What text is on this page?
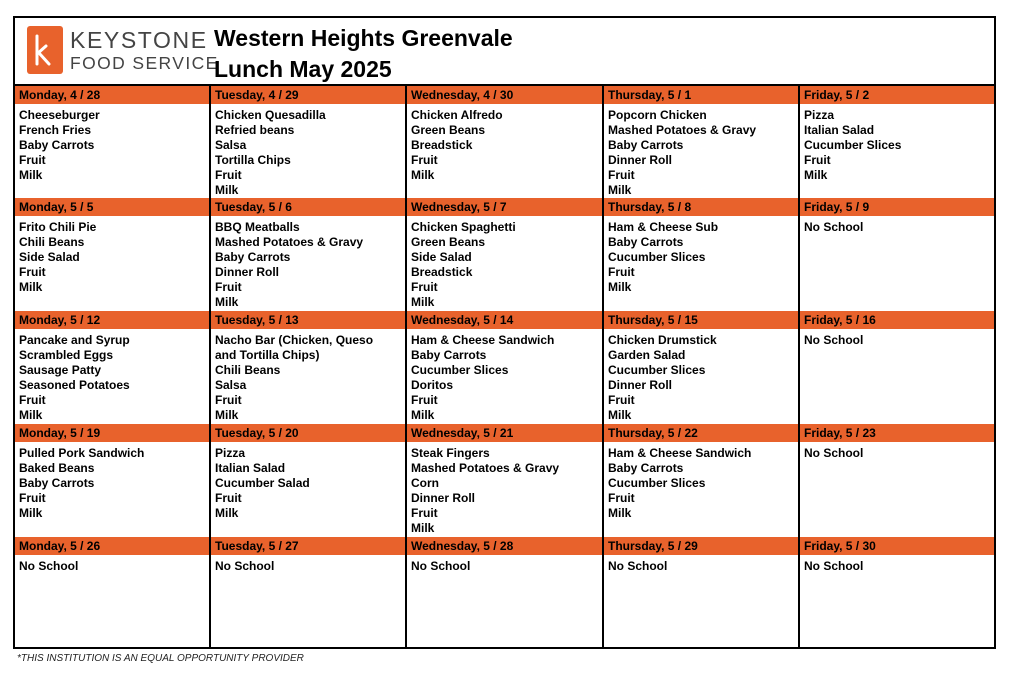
KEYSTONE
FOOD SERVICE
Western Heights Greenvale
Lunch May 2025
Monday, 4 / 28
Cheeseburger
French Fries
Baby Carrots
Fruit
Milk
Tuesday, 4 / 29
Chicken Quesadilla
Refried beans
Salsa
Tortilla Chips
Fruit
Milk
Wednesday, 4 / 30
Chicken Alfredo
Green Beans
Breadstick
Fruit
Milk
Thursday, 5 / 1
Popcorn Chicken
Mashed Potatoes & Gravy
Baby Carrots
Dinner Roll
Fruit
Milk
Friday, 5 / 2
Pizza
Italian Salad
Cucumber Slices
Fruit
Milk
Monday, 5 / 5
Frito Chili Pie
Chili Beans
Side Salad
Fruit
Milk
Tuesday, 5 / 6
BBQ Meatballs
Mashed Potatoes & Gravy
Baby Carrots
Dinner Roll
Fruit
Milk
Wednesday, 5 / 7
Chicken Spaghetti
Green Beans
Side Salad
Breadstick
Fruit
Milk
Thursday, 5 / 8
Ham & Cheese Sub
Baby Carrots
Cucumber Slices
Fruit
Milk
Friday, 5 / 9
No School
Monday, 5 / 12
Pancake and Syrup
Scrambled Eggs
Sausage Patty
Seasoned Potatoes
Fruit
Milk
Tuesday, 5 / 13
Nacho Bar (Chicken, Queso
and Tortilla Chips)
Chili Beans
Salsa
Fruit
Milk
Wednesday, 5 / 14
Ham & Cheese Sandwich
Baby Carrots
Cucumber Slices
Doritos
Fruit
Milk
Thursday, 5 / 15
Chicken Drumstick
Garden Salad
Cucumber Slices
Dinner Roll
Fruit
Milk
Friday, 5 / 16
No School
Monday, 5 / 19
Pulled Pork Sandwich
Baked Beans
Baby Carrots
Fruit
Milk
Tuesday, 5 / 20
Pizza
Italian Salad
Cucumber Salad
Fruit
Milk
Wednesday, 5 / 21
Steak Fingers
Mashed Potatoes & Gravy
Corn
Dinner Roll
Fruit
Milk
Thursday, 5 / 22
Ham & Cheese Sandwich
Baby Carrots
Cucumber Slices
Fruit
Milk
Friday, 5 / 23
No School
Monday, 5 / 26
No School
Tuesday, 5 / 27
No School
Wednesday, 5 / 28
No School
Thursday, 5 / 29
No School
Friday, 5 / 30
No School
*THIS INSTITUTION IS AN EQUAL OPPORTUNITY PROVIDER
